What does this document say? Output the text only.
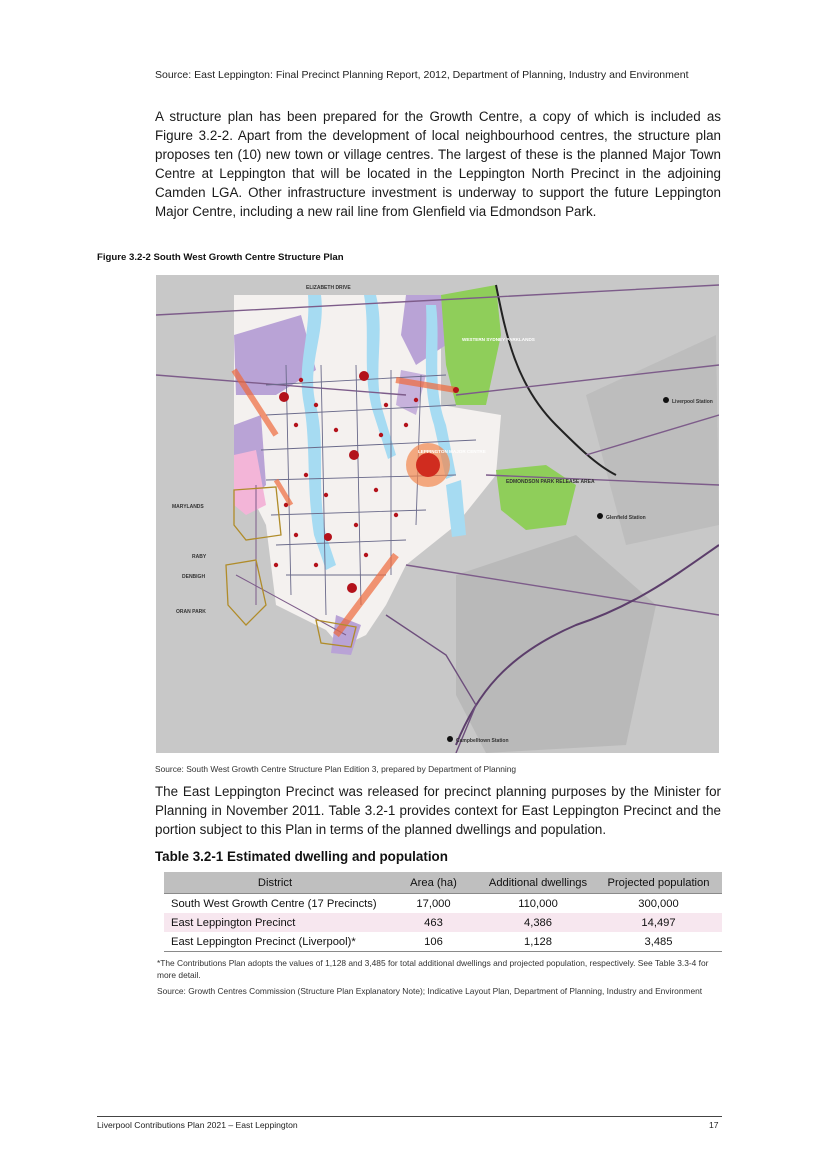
Source: East Leppington: Final Precinct Planning Report, 2012, Department of Planning, Industry and Environment
A structure plan has been prepared for the Growth Centre, a copy of which is included as Figure 3.2-2. Apart from the development of local neighbourhood centres, the structure plan proposes ten (10) new town or village centres. The largest of these is the planned Major Town Centre at Leppington that will be located in the Leppington North Precinct in the adjoining Camden LGA. Other infrastructure investment is underway to support the future Leppington Major Centre, including a new rail line from Glenfield via Edmondson Park.
Figure 3.2-2 South West Growth Centre Structure Plan
WESTERN SYDNEY PARKLANDS
LEPPINGTON MAJOR CENTRE
EDMONDSON PARK RELEASE AREA
Liverpool Station
Glenfield Station
Campbelltown Station
MARYLANDS
RABY
DENBIGH
ORAN PARK
ELIZABETH DRIVE
Source: South West Growth Centre Structure Plan Edition 3, prepared by Department of Planning
The East Leppington Precinct was released for precinct planning purposes by the Minister for Planning in November 2011. Table 3.2-1 provides context for East Leppington Precinct and the portion subject to this Plan in terms of the planned dwellings and population.
Table 3.2-1 Estimated dwelling and population
District	Area (ha)	Additional dwellings	Projected population
South West Growth Centre (17 Precincts)	17,000	110,000	300,000
East Leppington Precinct	463	4,386	14,497
East Leppington Precinct (Liverpool)*	106	1,128	3,485
*The Contributions Plan adopts the values of 1,128 and 3,485 for total additional dwellings and projected population, respectively. See Table 3.3-4 for more detail.
Source: Growth Centres Commission (Structure Plan Explanatory Note); Indicative Layout Plan, Department of Planning, Industry and Environment
Liverpool Contributions Plan 2021 – East Leppington	17
